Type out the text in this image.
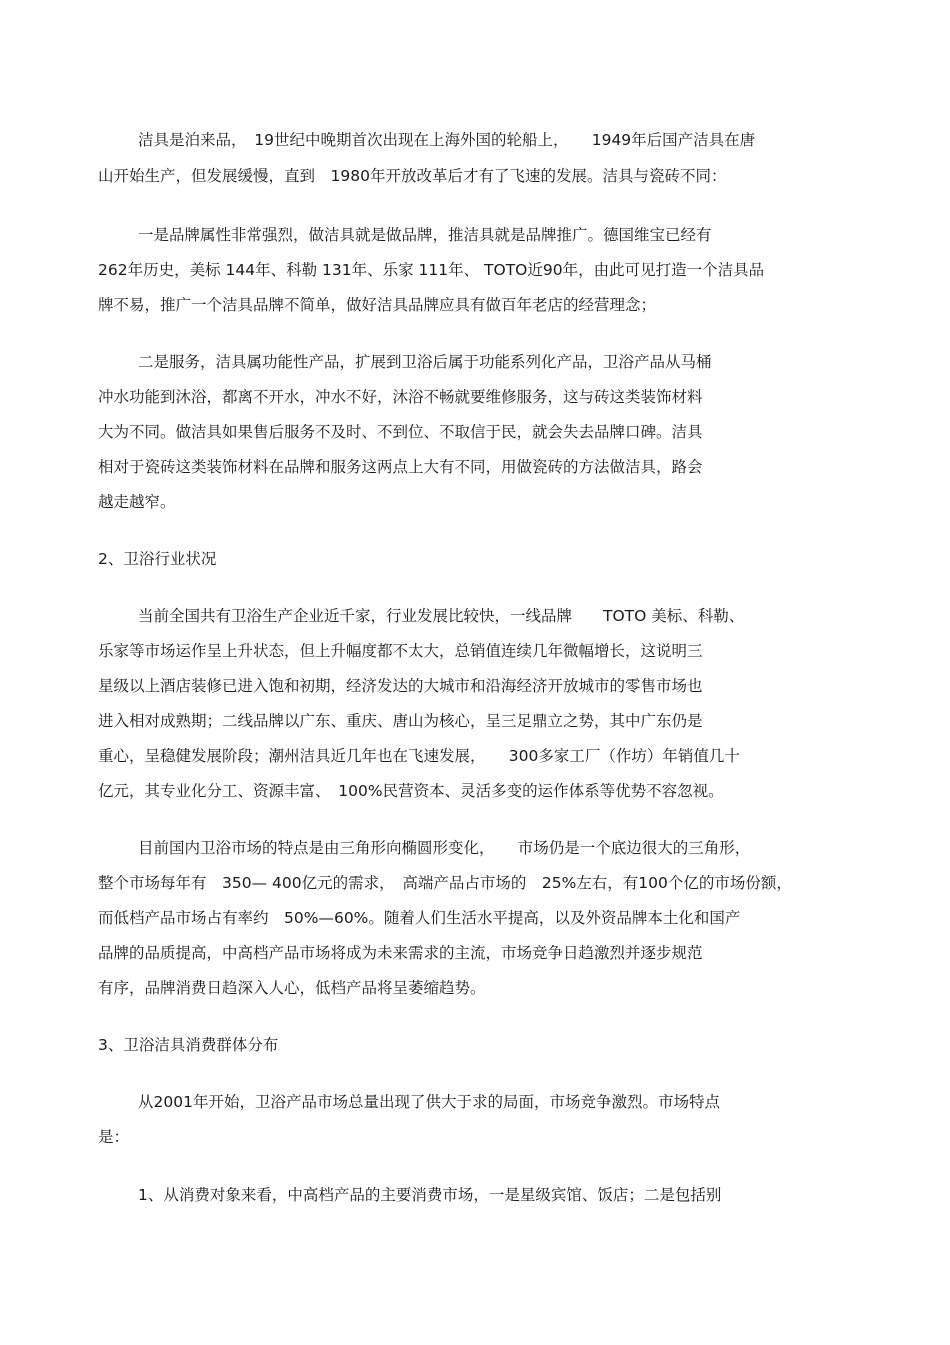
洁具是泊来品，　19世纪中晚期首次出现在上海外国的轮船上，　　1949年后国产洁具在唐
山开始生产，但发展缓慢，直到　1980年开放改革后才有了飞速的发展。洁具与瓷砖不同：
一是品牌属性非常强烈，做洁具就是做品牌，推洁具就是品牌推广。德国维宝已经有
262年历史，美标 144年、科勒 131年、乐家 111年、 TOTO近90年，由此可见打造一个洁具品
牌不易，推广一个洁具品牌不简单，做好洁具品牌应具有做百年老店的经营理念；
二是服务，洁具属功能性产品，扩展到卫浴后属于功能系列化产品，卫浴产品从马桶
冲水功能到沐浴，都离不开水，冲水不好，沐浴不畅就要维修服务，这与砖这类装饰材料
大为不同。做洁具如果售后服务不及时、不到位、不取信于民，就会失去品牌口碑。洁具
相对于瓷砖这类装饰材料在品牌和服务这两点上大有不同，用做瓷砖的方法做洁具，路会
越走越窄。
2、卫浴行业状况
当前全国共有卫浴生产企业近千家，行业发展比较快，一线品牌　　TOTO 美标、科勒、
乐家等市场运作呈上升状态，但上升幅度都不太大，总销值连续几年微幅增长，这说明三
星级以上酒店装修已进入饱和初期，经济发达的大城市和沿海经济开放城市的零售市场也
进入相对成熟期；二线品牌以广东、重庆、唐山为核心，呈三足鼎立之势，其中广东仍是
重心，呈稳健发展阶段；潮州洁具近几年也在飞速发展，　　300多家工厂（作坊）年销值几十
亿元，其专业化分工、资源丰富、　100%民营资本、灵活多变的运作体系等优势不容忽视。
目前国内卫浴市场的特点是由三角形向椭圆形变化，　　市场仍是一个底边很大的三角形，
整个市场每年有　350— 400亿元的需求，　高端产品占市场的　25%左右，有100个亿的市场份额，
而低档产品市场占有率约　50%—60%。随着人们生活水平提高，以及外资品牌本土化和国产
品牌的品质提高，中高档产品市场将成为未来需求的主流，市场竞争日趋激烈并逐步规范
有序，品牌消费日趋深入人心，低档产品将呈萎缩趋势。
3、卫浴洁具消费群体分布
从2001年开始，卫浴产品市场总量出现了供大于求的局面，市场竞争激烈。市场特点
是：
1、从消费对象来看，中高档产品的主要消费市场，一是星级宾馆、饭店；二是包括别
